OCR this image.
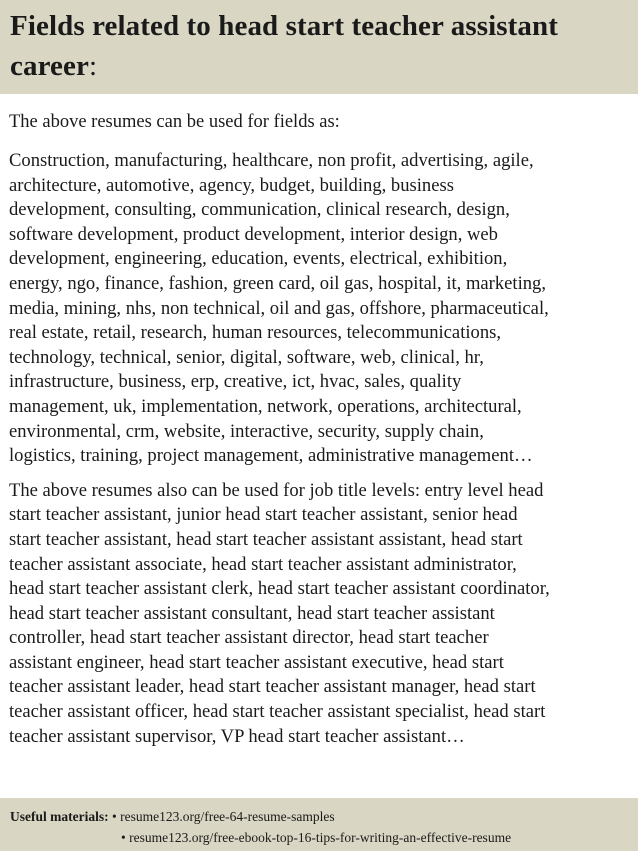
Fields related to head start teacher assistant career:

The above resumes can be used for fields as:

Construction, manufacturing, healthcare, non profit, advertising, agile,
architecture, automotive, agency, budget, building, business
development, consulting, communication, clinical research, design,
software development, product development, interior design, web
development, engineering, education, events, electrical, exhibition,
energy, ngo, finance, fashion, green card, oil gas, hospital, it, marketing,
media, mining, nhs, non technical, oil and gas, offshore, pharmaceutical,
real estate, retail, research, human resources, telecommunications,
technology, technical, senior, digital, software, web, clinical, hr,
infrastructure, business, erp, creative, ict, hvac, sales, quality
management, uk, implementation, network, operations, architectural,
environmental, crm, website, interactive, security, supply chain,
logistics, training, project management, administrative management…

The above resumes also can be used for job title levels: entry level head
start teacher assistant, junior head start teacher assistant, senior head
start teacher assistant, head start teacher assistant assistant, head start
teacher assistant associate, head start teacher assistant administrator,
head start teacher assistant clerk, head start teacher assistant coordinator,
head start teacher assistant consultant, head start teacher assistant
controller, head start teacher assistant director, head start teacher
assistant engineer, head start teacher assistant executive, head start
teacher assistant leader, head start teacher assistant manager, head start
teacher assistant officer, head start teacher assistant specialist, head start
teacher assistant supervisor, VP head start teacher assistant…

Useful materials: • resume123.org/free-64-resume-samples
• resume123.org/free-ebook-top-16-tips-for-writing-an-effective-resume
